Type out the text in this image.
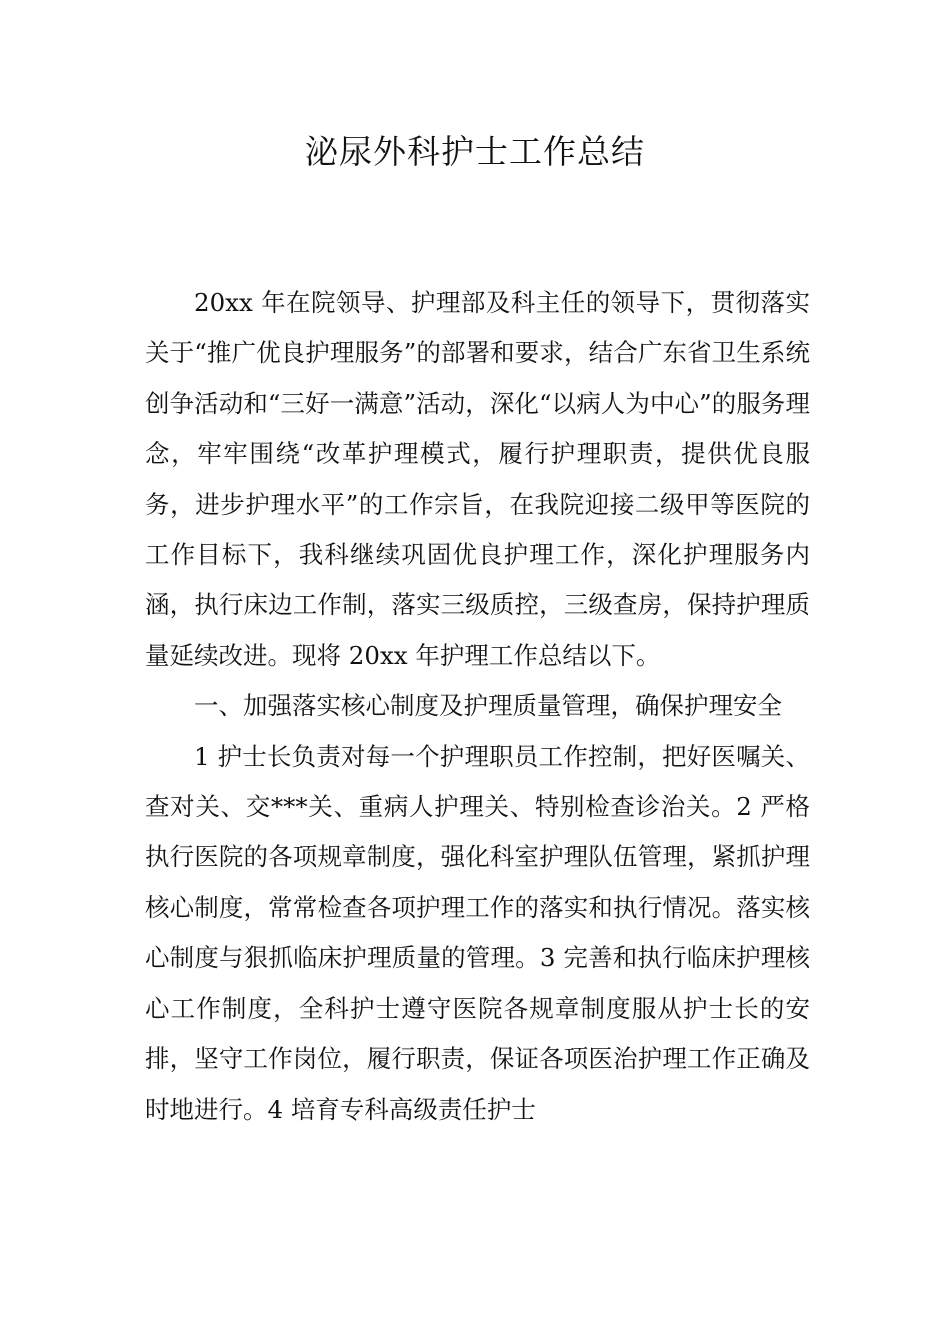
泌尿外科护士工作总结

20xx 年在院领导、护理部及科主任的领导下，贯彻落实关于“推广优良护理服务”的部署和要求，结合广东省卫生系统创争活动和“三好一满意”活动，深化“以病人为中心”的服务理念，牢牢围绕“改革护理模式，履行护理职责，提供优良服务，进步护理水平”的工作宗旨，在我院迎接二级甲等医院的工作目标下，我科继续巩固优良护理工作，深化护理服务内涵，执行床边工作制，落实三级质控，三级查房，保持护理质量延续改进。现将 20xx 年护理工作总结以下。

一、加强落实核心制度及护理质量管理，确保护理安全

1 护士长负责对每一个护理职员工作控制，把好医嘱关、查对关、交***关、重病人护理关、特别检查诊治关。2 严格执行医院的各项规章制度，强化科室护理队伍管理，紧抓护理核心制度，常常检查各项护理工作的落实和执行情况。落实核心制度与狠抓临床护理质量的管理。3 完善和执行临床护理核心工作制度，全科护士遵守医院各规章制度服从护士长的安排，坚守工作岗位，履行职责，保证各项医治护理工作正确及时地进行。4 培育专科高级责任护士
